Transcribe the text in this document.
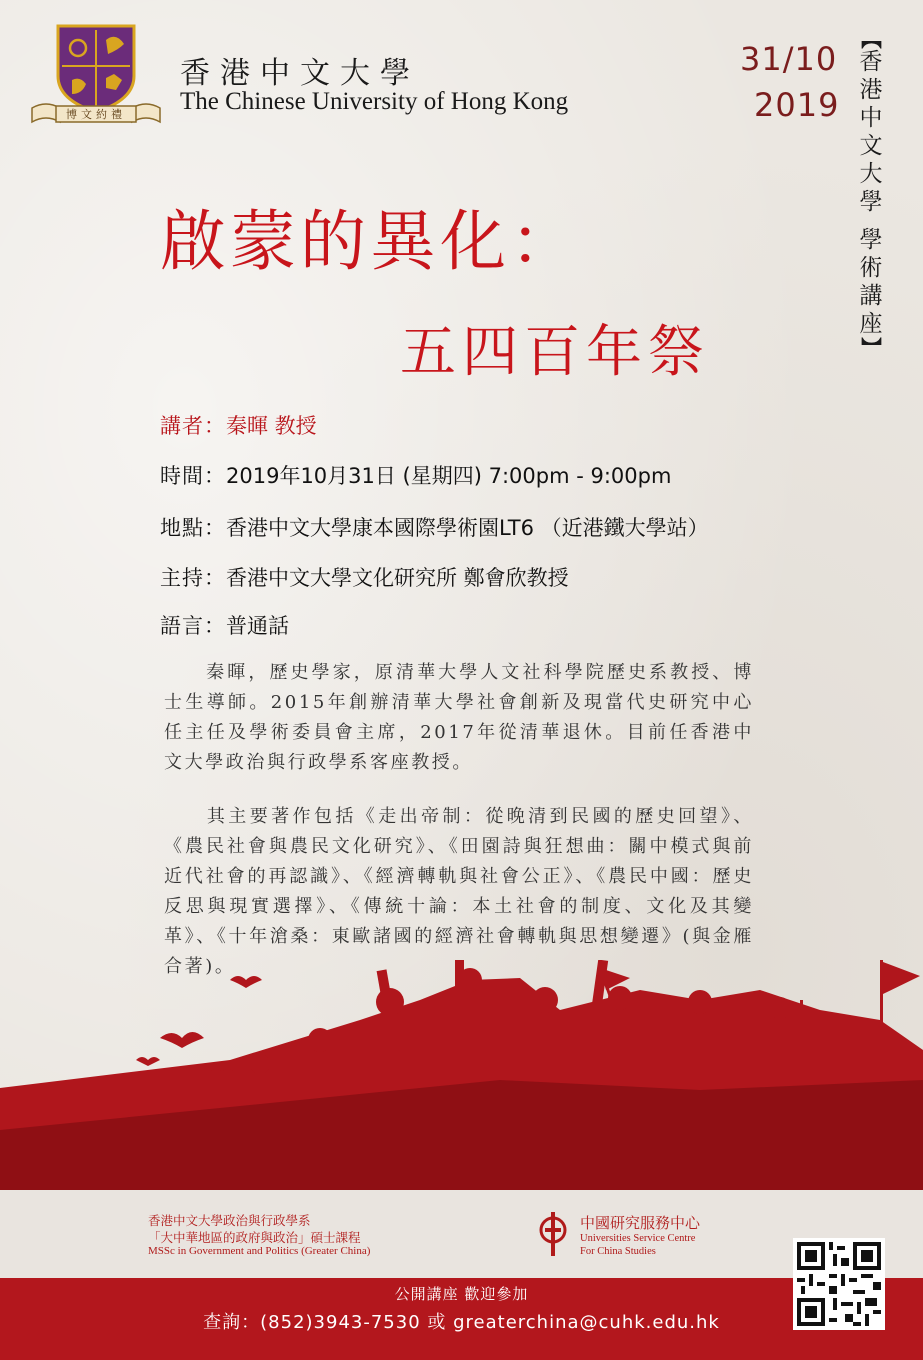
博文約禮
香港中文大學
The Chinese University of Hong Kong
31/10
2019
【
香
港
中
文
大
學
學
術
講
座
】
啟蒙的異化：
五四百年祭
講者：秦暉 教授
時間：2019年10月31日 (星期四) 7:00pm - 9:00pm
地點：香港中文大學康本國際學術園LT6 （近港鐵大學站）
主持：香港中文大學文化研究所 鄭會欣教授
語言：普通話

　　秦暉，歷史學家，原清華大學人文社科學院歷史系教授、博士生導師。2015年創辦清華大學社會創新及現當代史研究中心任主任及學術委員會主席，2017年從清華退休。目前任香港中文大學政治與行政學系客座教授。

　　其主要著作包括《走出帝制：從晚清到民國的歷史回望》、《農民社會與農民文化研究》、《田園詩與狂想曲：關中模式與前近代社會的再認識》、《經濟轉軌與社會公正》、《農民中國：歷史反思與現實選擇》、《傳統十論：本土社會的制度、文化及其變革》、《十年滄桑：東歐諸國的經濟社會轉軌與思想變遷》(與金雁合著)。

香港中文大學政治與行政學系
「大中華地區的政府與政治」碩士課程
MSSc in Government and Politics (Greater China)
中國研究服務中心
Universities Service Centre
For China Studies
公開講座 歡迎參加
查詢：(852)3943-7530 或 greaterchina@cuhk.edu.hk
